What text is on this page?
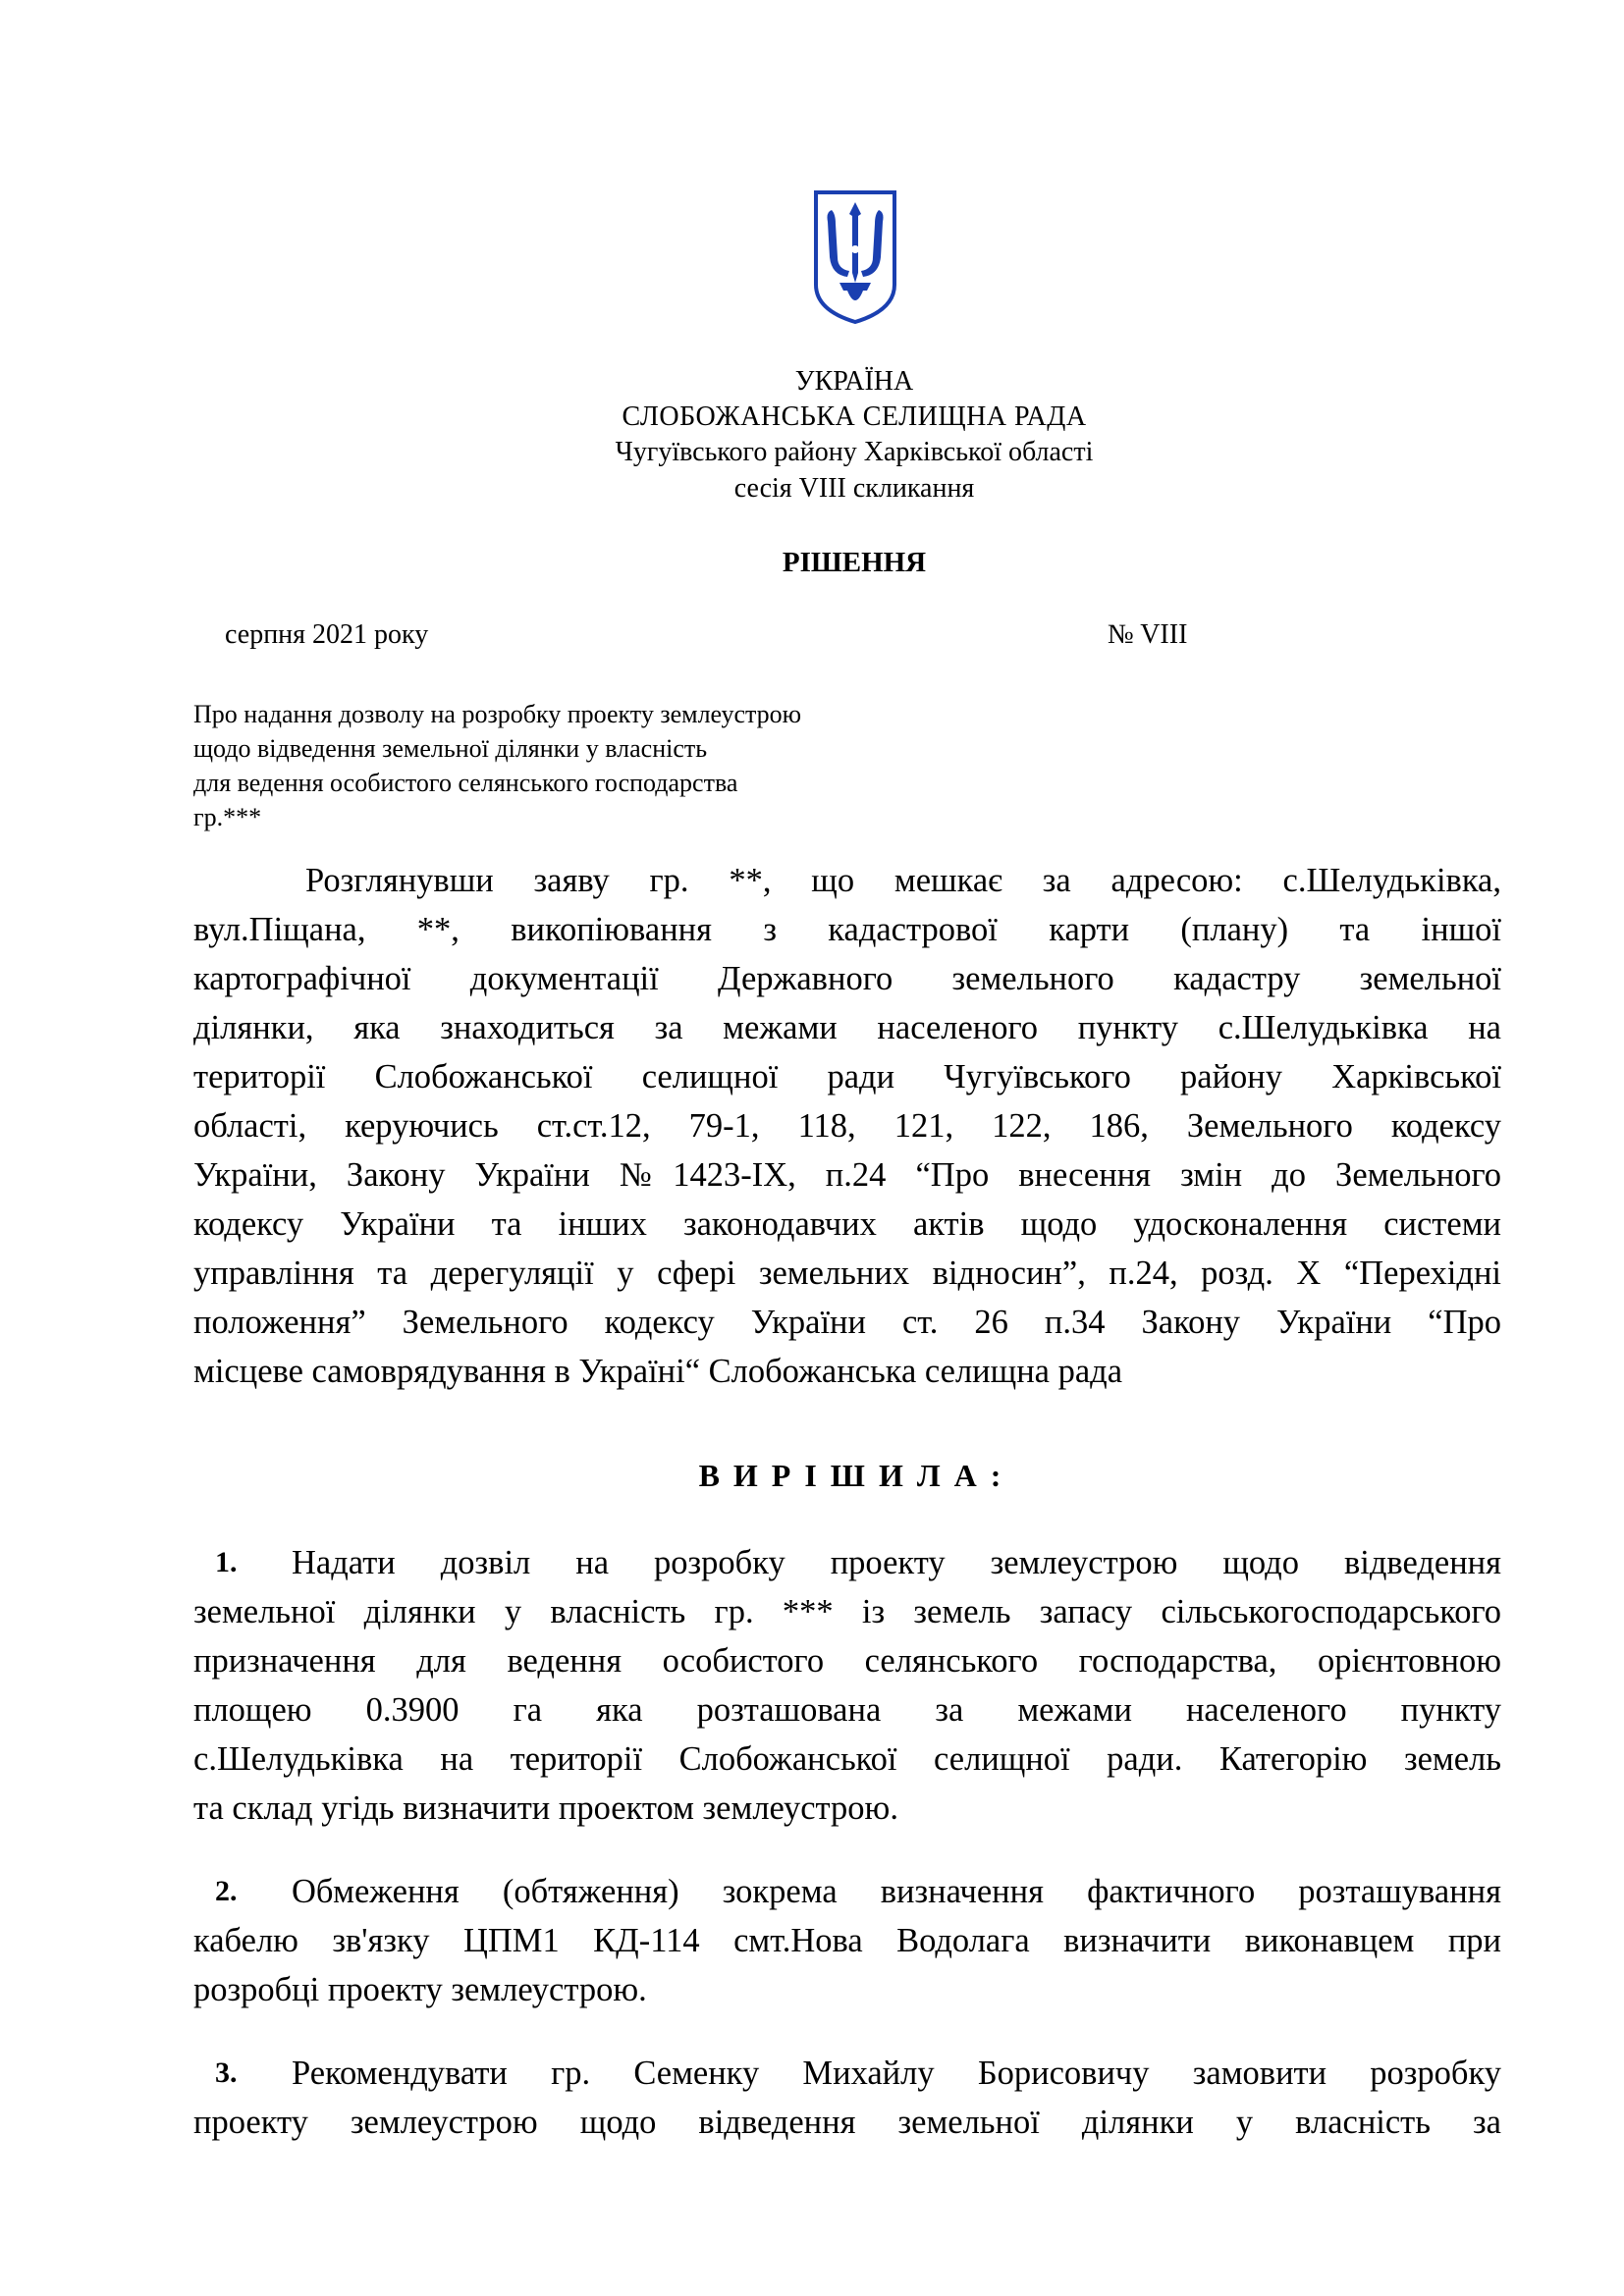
УКРАЇНА
СЛОБОЖАНСЬКА СЕЛИЩНА РАДА
Чугуївського району Харківської області
сесія VIII скликання
РІШЕННЯ
серпня 2021 року	№ VIII
Про надання дозволу на розробку проекту землеустрою
щодо відведення земельної ділянки у власність
для ведення особистого селянського господарства
гр.***
Розглянувши заяву гр. **, що мешкає за адресою: с.Шелудьківка,
вул.Піщана, **, викопіювання з кадастрової карти (плану) та іншої
картографічної документації Державного земельного кадастру земельної
ділянки, яка знаходиться за межами населеного пункту с.Шелудьківка на
території Слобожанської селищної ради Чугуївського району Харківської
області, керуючись ст.ст.12, 79-1, 118, 121, 122, 186, Земельного кодексу
України, Закону України №1423-ІХ, п.24 “Про внесення змін до Земельного
кодексу України та інших законодавчих актів щодо удосконалення системи
управління та дерегуляції у сфері земельних відносин”, п.24, розд. Х “Перехідні
положення” Земельного кодексу України ст. 26 п.34 Закону України “Про
місцеве самоврядування в Україні“ Слобожанська селищна рада
ВИРІШИЛА:
1. Надати дозвіл на розробку проекту землеустрою щодо відведення
земельної ділянки у власність гр. *** із земель запасу сільськогосподарського
призначення для ведення особистого селянського господарства, орієнтовною
площею 0.3900 га яка розташована за межами населеного пункту
с.Шелудьківка на території Слобожанської селищної ради. Категорію земель
та склад угідь визначити проектом землеустрою.
2. Обмеження (обтяження) зокрема визначення фактичного розташування
кабелю зв'язку ЦПМ1 КД-114 смт.Нова Водолага визначити виконавцем при
розробці проекту землеустрою.
3. Рекомендувати гр. Семенку Михайлу Борисовичу замовити розробку
проекту землеустрою щодо відведення земельної ділянки у власність за
